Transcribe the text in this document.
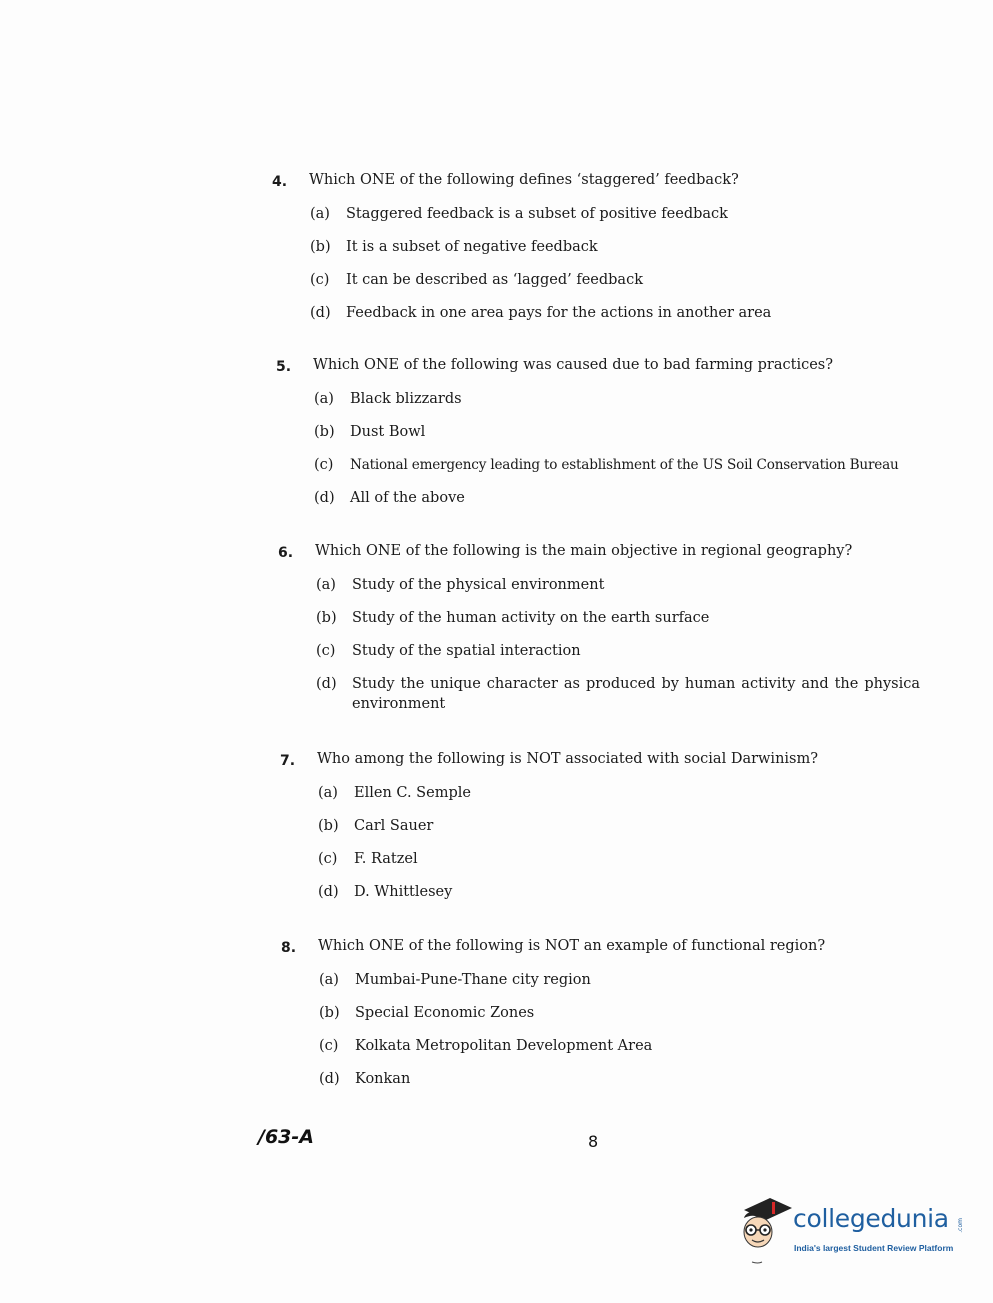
4. Which ONE of the following defines ‘staggered’ feedback?
(a) Staggered feedback is a subset of positive feedback
(b) It is a subset of negative feedback
(c) It can be described as ‘lagged’ feedback
(d) Feedback in one area pays for the actions in another area
5. Which ONE of the following was caused due to bad farming practices?
(a) Black blizzards
(b) Dust Bowl
(c) National emergency leading to establishment of the US Soil Conservation Bureau
(d) All of the above
6. Which ONE of the following is the main objective in regional geography?
(a) Study of the physical environment
(b) Study of the human activity on the earth surface
(c) Study of the spatial interaction
(d) Study the unique character as produced by human activity and the physica environment
7. Who among the following is NOT associated with social Darwinism?
(a) Ellen C. Semple
(b) Carl Sauer
(c) F. Ratzel
(d) D. Whittlesey
8. Which ONE of the following is NOT an example of functional region?
(a) Mumbai-Pune-Thane city region
(b) Special Economic Zones
(c) Kolkata Metropolitan Development Area
(d) Konkan
/63-A	8
collegedunia .com
India's largest Student Review Platform
